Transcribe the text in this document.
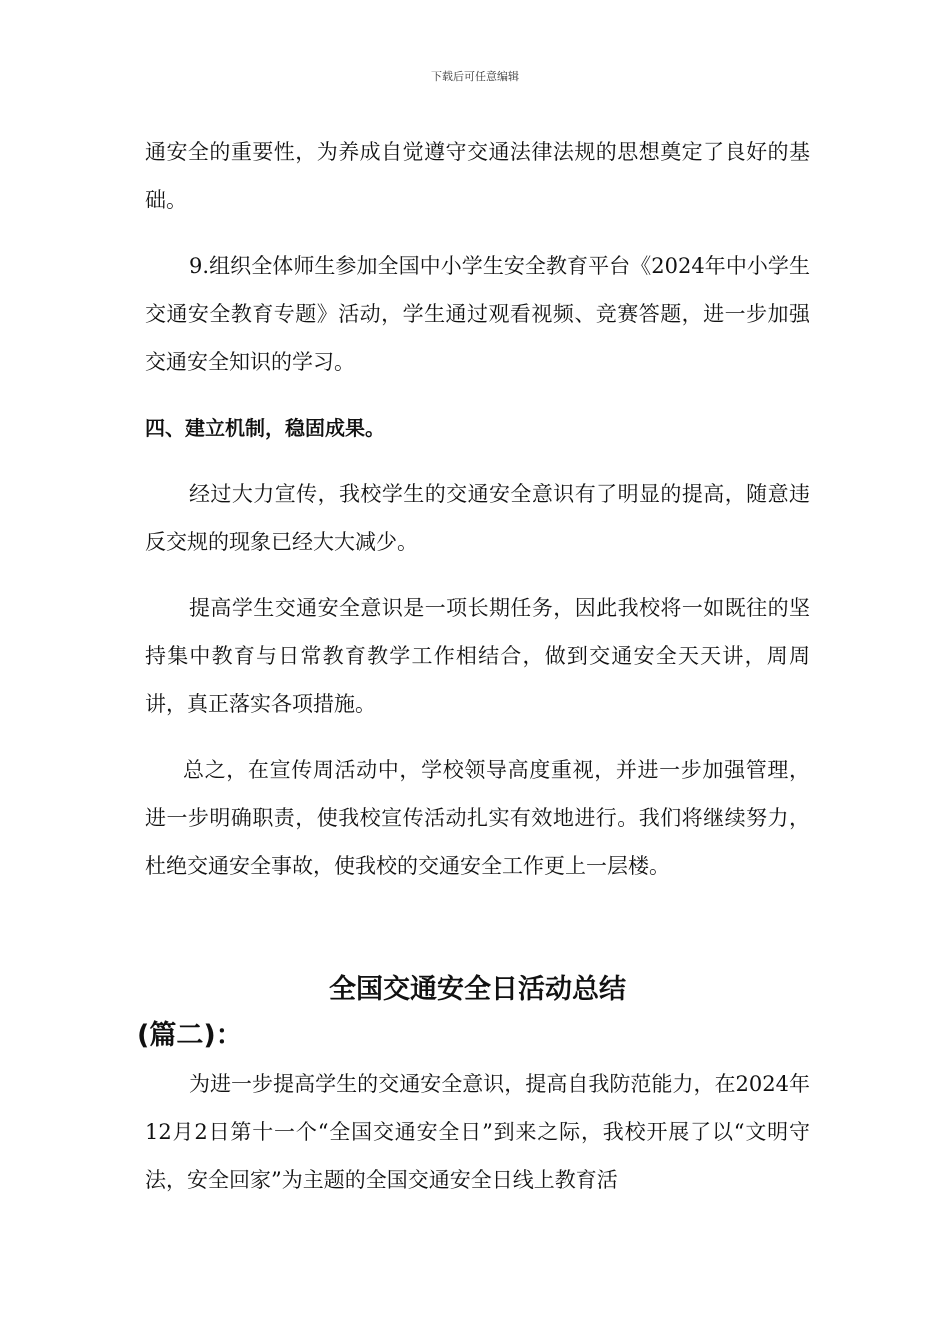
下载后可任意编辑

通安全的重要性，为养成自觉遵守交通法律法规的思想奠定了良好的基础。

9.组织全体师生参加全国中小学生安全教育平台《2024年中小学生交通安全教育专题》活动，学生通过观看视频、竞赛答题，进一步加强交通安全知识的学习。

四、建立机制，稳固成果。

经过大力宣传，我校学生的交通安全意识有了明显的提高，随意违反交规的现象已经大大减少。

提高学生交通安全意识是一项长期任务，因此我校将一如既往的坚持集中教育与日常教育教学工作相结合，做到交通安全天天讲，周周讲，真正落实各项措施。

总之，在宣传周活动中，学校领导高度重视，并进一步加强管理，进一步明确职责，使我校宣传活动扎实有效地进行。我们将继续努力，杜绝交通安全事故，使我校的交通安全工作更上一层楼。

全国交通安全日活动总结
(篇二)：

为进一步提高学生的交通安全意识，提高自我防范能力，在2024年12月2日第十一个“全国交通安全日”到来之际，我校开展了以“文明守法，安全回家”为主题的全国交通安全日线上教育活
